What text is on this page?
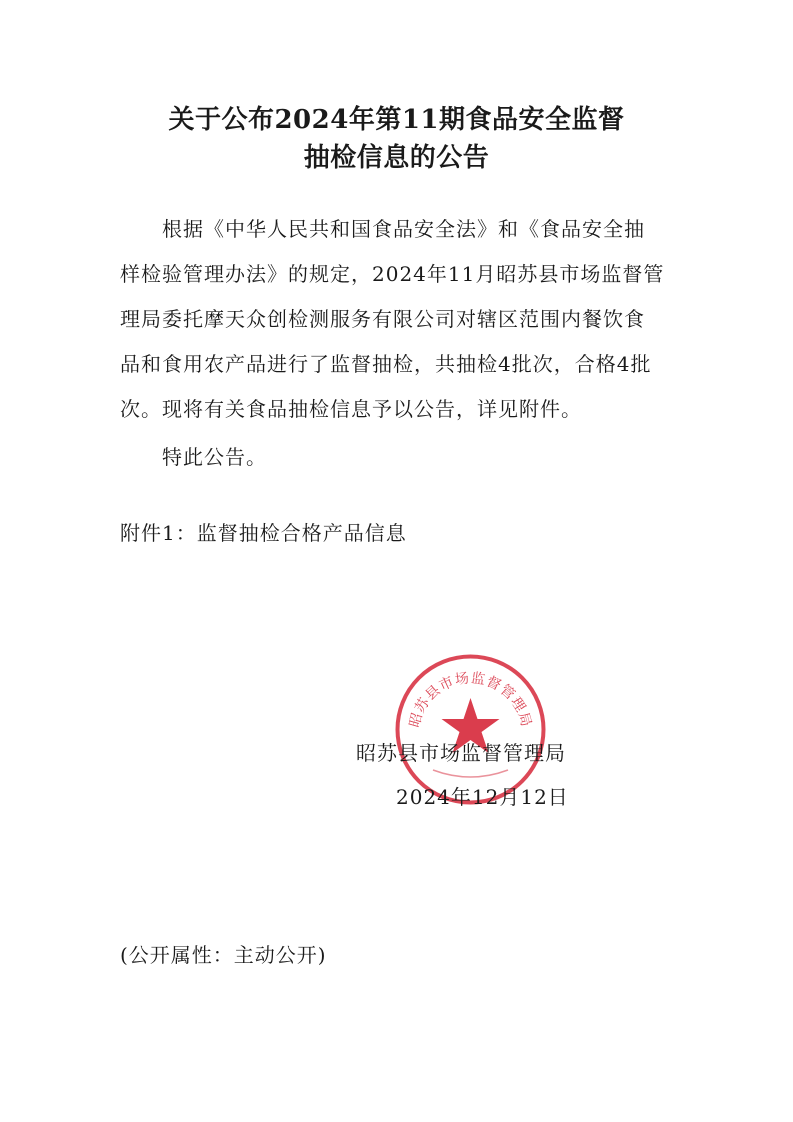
关于公布2024年第11期食品安全监督
抽检信息的公告
根据《中华人民共和国食品安全法》和《食品安全抽
样检验管理办法》的规定，2024年11月昭苏县市场监督管
理局委托摩天众创检测服务有限公司对辖区范围内餐饮食
品和食用农产品进行了监督抽检，共抽检4批次，合格4批
次。现将有关食品抽检信息予以公告，详见附件。
特此公告。
附件1：监督抽检合格产品信息
昭苏县市场监督管理局
昭苏县市场监督管理局
2024年12月12日
(公开属性：主动公开)
